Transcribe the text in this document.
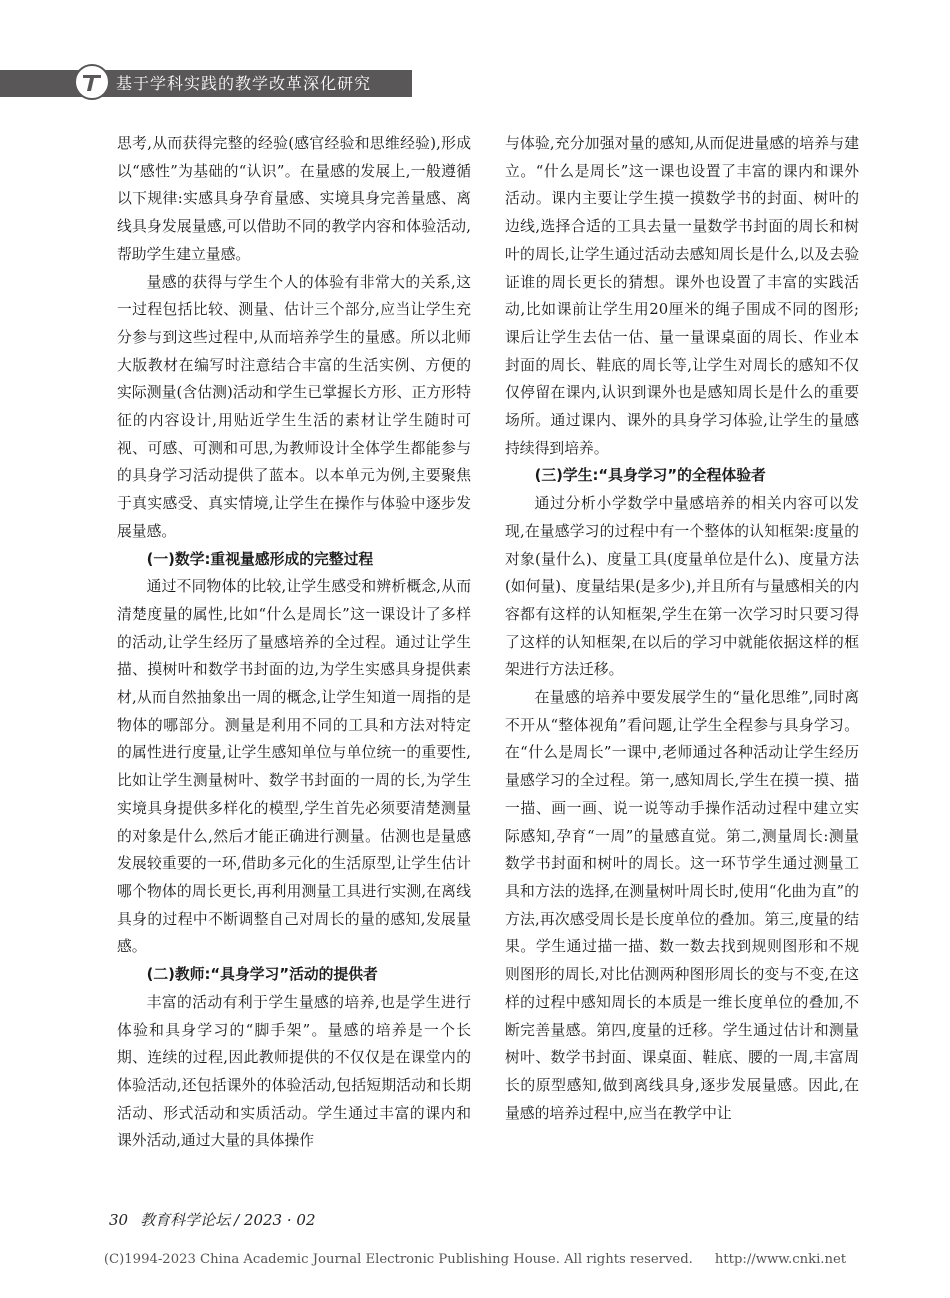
基于学科实践的教学改革深化研究

思考,从而获得完整的经验(感官经验和思维经验),形成以“感性”为基础的“认识”。在量感的发展上,一般遵循以下规律:实感具身孕育量感、实境具身完善量感、离线具身发展量感,可以借助不同的教学内容和体验活动,帮助学生建立量感。

量感的获得与学生个人的体验有非常大的关系,这一过程包括比较、测量、估计三个部分,应当让学生充分参与到这些过程中,从而培养学生的量感。所以北师大版教材在编写时注意结合丰富的生活实例、方便的实际测量(含估测)活动和学生已掌握长方形、正方形特征的内容设计,用贴近学生生活的素材让学生随时可视、可感、可测和可思,为教师设计全体学生都能参与的具身学习活动提供了蓝本。以本单元为例,主要聚焦于真实感受、真实情境,让学生在操作与体验中逐步发展量感。

(一)数学:重视量感形成的完整过程

通过不同物体的比较,让学生感受和辨析概念,从而清楚度量的属性,比如“什么是周长”这一课设计了多样的活动,让学生经历了量感培养的全过程。通过让学生描、摸树叶和数学书封面的边,为学生实感具身提供素材,从而自然抽象出一周的概念,让学生知道一周指的是物体的哪部分。测量是利用不同的工具和方法对特定的属性进行度量,让学生感知单位与单位统一的重要性,比如让学生测量树叶、数学书封面的一周的长,为学生实境具身提供多样化的模型,学生首先必须要清楚测量的对象是什么,然后才能正确进行测量。估测也是量感发展较重要的一环,借助多元化的生活原型,让学生估计哪个物体的周长更长,再利用测量工具进行实测,在离线具身的过程中不断调整自己对周长的量的感知,发展量感。

(二)教师:“具身学习”活动的提供者

丰富的活动有利于学生量感的培养,也是学生进行体验和具身学习的“脚手架”。量感的培养是一个长期、连续的过程,因此教师提供的不仅仅是在课堂内的体验活动,还包括课外的体验活动,包括短期活动和长期活动、形式活动和实质活动。学生通过丰富的课内和课外活动,通过大量的具体操作

与体验,充分加强对量的感知,从而促进量感的培养与建立。“什么是周长”这一课也设置了丰富的课内和课外活动。课内主要让学生摸一摸数学书的封面、树叶的边线,选择合适的工具去量一量数学书封面的周长和树叶的周长,让学生通过活动去感知周长是什么,以及去验证谁的周长更长的猜想。课外也设置了丰富的实践活动,比如课前让学生用20厘米的绳子围成不同的图形;课后让学生去估一估、量一量课桌面的周长、作业本封面的周长、鞋底的周长等,让学生对周长的感知不仅仅停留在课内,认识到课外也是感知周长是什么的重要场所。通过课内、课外的具身学习体验,让学生的量感持续得到培养。

(三)学生:“具身学习”的全程体验者

通过分析小学数学中量感培养的相关内容可以发现,在量感学习的过程中有一个整体的认知框架:度量的对象(量什么)、度量工具(度量单位是什么)、度量方法(如何量)、度量结果(是多少),并且所有与量感相关的内容都有这样的认知框架,学生在第一次学习时只要习得了这样的认知框架,在以后的学习中就能依据这样的框架进行方法迁移。

在量感的培养中要发展学生的“量化思维”,同时离不开从“整体视角”看问题,让学生全程参与具身学习。在“什么是周长”一课中,老师通过各种活动让学生经历量感学习的全过程。第一,感知周长,学生在摸一摸、描一描、画一画、说一说等动手操作活动过程中建立实际感知,孕育“一周”的量感直觉。第二,测量周长:测量数学书封面和树叶的周长。这一环节学生通过测量工具和方法的选择,在测量树叶周长时,使用“化曲为直”的方法,再次感受周长是长度单位的叠加。第三,度量的结果。学生通过描一描、数一数去找到规则图形和不规则图形的周长,对比估测两种图形周长的变与不变,在这样的过程中感知周长的本质是一维长度单位的叠加,不断完善量感。第四,度量的迁移。学生通过估计和测量树叶、数学书封面、课桌面、鞋底、腰的一周,丰富周长的原型感知,做到离线具身,逐步发展量感。因此,在量感的培养过程中,应当在教学中让

30 教育科学论坛 / 2023 · 02
(C)1994-2023 China Academic Journal Electronic Publishing House. All rights reserved. http://www.cnki.net
